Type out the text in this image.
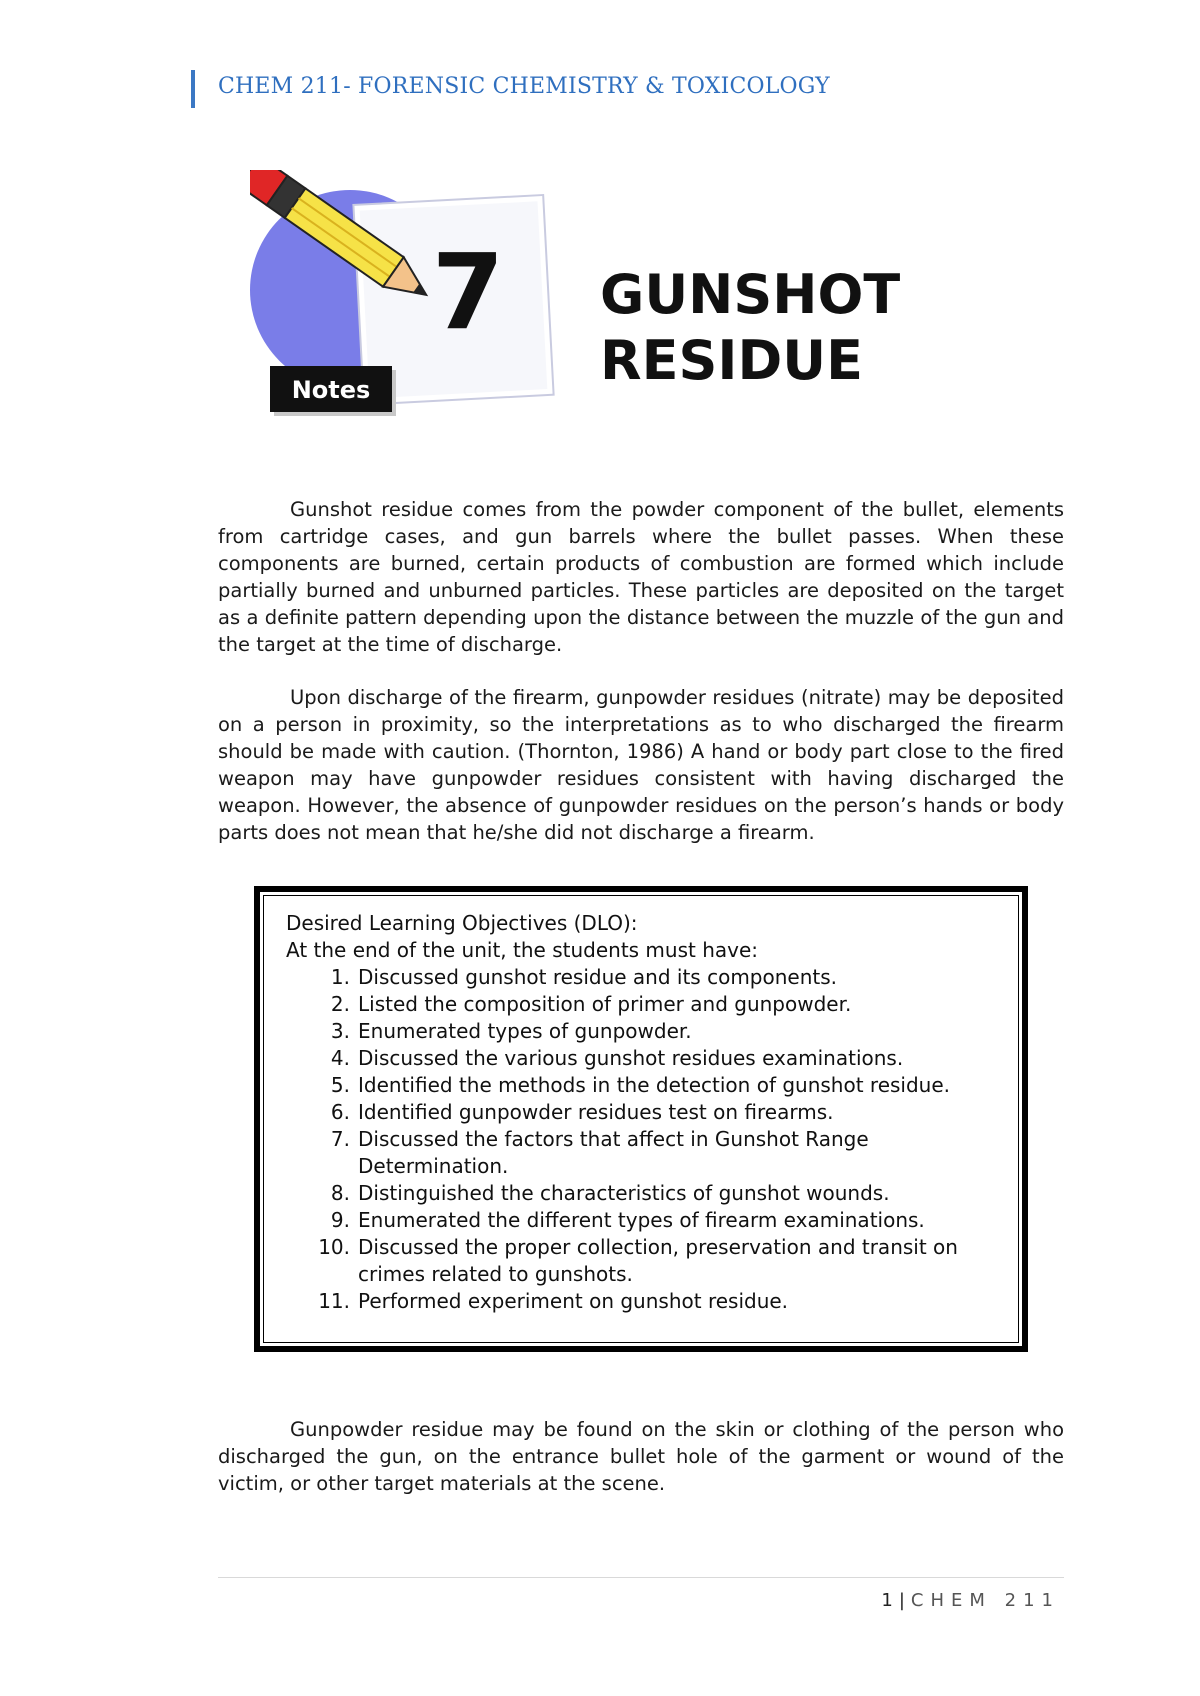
CHEM 211- FORENSIC CHEMISTRY & TOXICOLOGY
7
Notes
GUNSHOT
RESIDUE
Gunshot residue comes from the powder component of the bullet, elements from cartridge cases, and gun barrels where the bullet passes. When these components are burned, certain products of combustion are formed which include partially burned and unburned particles. These particles are deposited on the target as a definite pattern depending upon the distance between the muzzle of the gun and the target at the time of discharge.
Upon discharge of the firearm, gunpowder residues (nitrate) may be deposited on a person in proximity, so the interpretations as to who discharged the firearm should be made with caution. (Thornton, 1986) A hand or body part close to the fired weapon may have gunpowder residues consistent with having discharged the weapon. However, the absence of gunpowder residues on the person’s hands or body parts does not mean that he/she did not discharge a firearm.
Desired Learning Objectives (DLO):
At the end of the unit, the students must have:
1. Discussed gunshot residue and its components.
2. Listed the composition of primer and gunpowder.
3. Enumerated types of gunpowder.
4. Discussed the various gunshot residues examinations.
5. Identified the methods in the detection of gunshot residue.
6. Identified gunpowder residues test on firearms.
7. Discussed the factors that affect in Gunshot Range Determination.
8. Distinguished the characteristics of gunshot wounds.
9. Enumerated the different types of firearm examinations.
10. Discussed the proper collection, preservation and transit on crimes related to gunshots.
11. Performed experiment on gunshot residue.
Gunpowder residue may be found on the skin or clothing of the person who discharged the gun, on the entrance bullet hole of the garment or wound of the victim, or other target materials at the scene.
1 | CHEM 211
